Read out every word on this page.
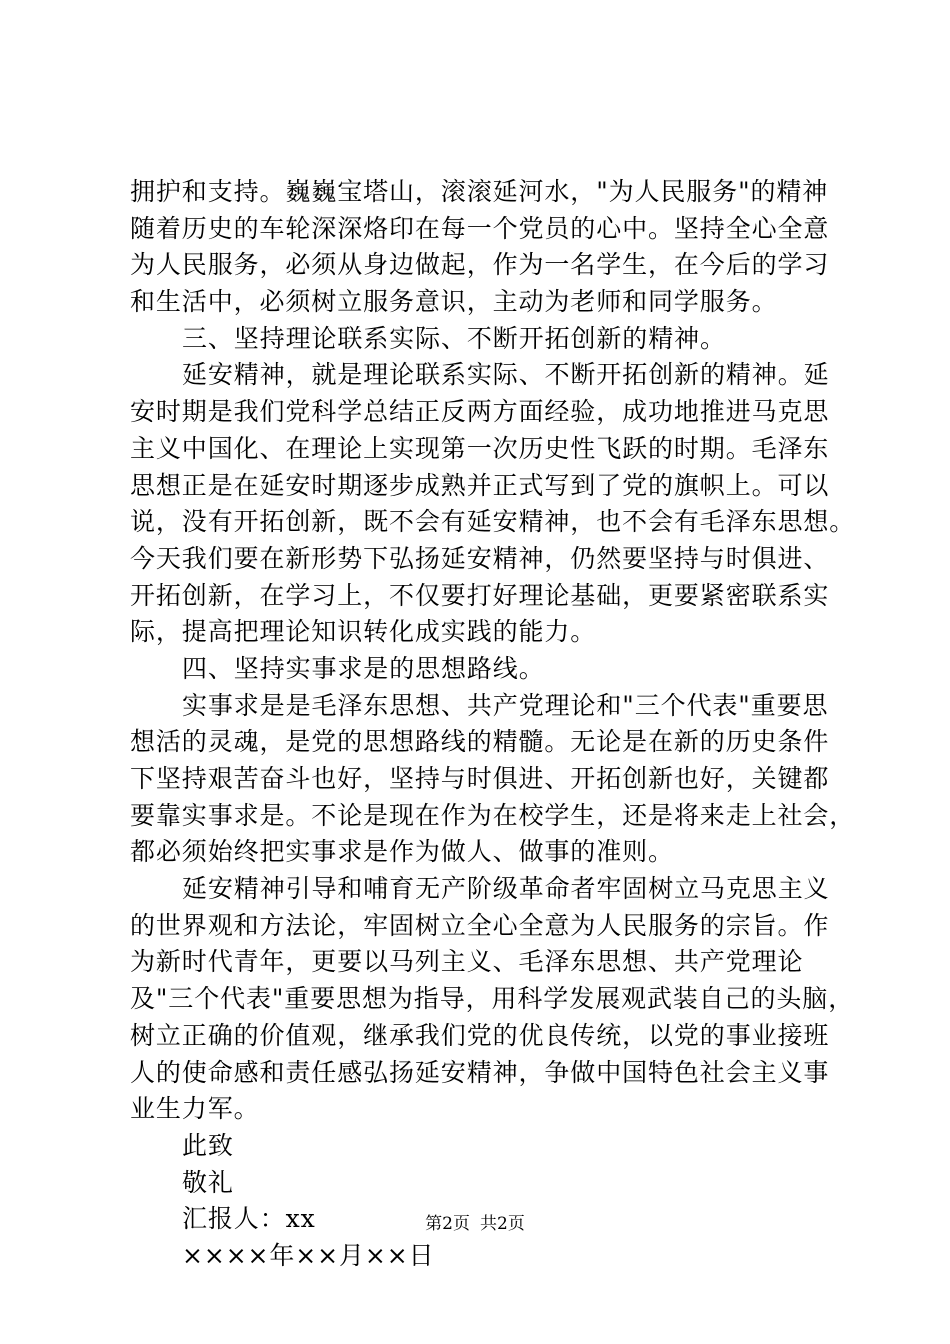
拥护和支持。巍巍宝塔山，滚滚延河水，"为人民服务"的精神
随着历史的车轮深深烙印在每一个党员的心中。坚持全心全意
为人民服务，必须从身边做起，作为一名学生，在今后的学习
和生活中，必须树立服务意识，主动为老师和同学服务。
三、坚持理论联系实际、不断开拓创新的精神。
延安精神，就是理论联系实际、不断开拓创新的精神。延
安时期是我们党科学总结正反两方面经验，成功地推进马克思
主义中国化、在理论上实现第一次历史性飞跃的时期。毛泽东
思想正是在延安时期逐步成熟并正式写到了党的旗帜上。可以
说，没有开拓创新，既不会有延安精神，也不会有毛泽东思想。
今天我们要在新形势下弘扬延安精神，仍然要坚持与时俱进、
开拓创新，在学习上，不仅要打好理论基础，更要紧密联系实
际，提高把理论知识转化成实践的能力。
四、坚持实事求是的思想路线。
实事求是是毛泽东思想、共产党理论和"三个代表"重要思
想活的灵魂，是党的思想路线的精髓。无论是在新的历史条件
下坚持艰苦奋斗也好，坚持与时俱进、开拓创新也好，关键都
要靠实事求是。不论是现在作为在校学生，还是将来走上社会，
都必须始终把实事求是作为做人、做事的准则。
延安精神引导和哺育无产阶级革命者牢固树立马克思主义
的世界观和方法论，牢固树立全心全意为人民服务的宗旨。作
为新时代青年，更要以马列主义、毛泽东思想、共产党理论
及"三个代表"重要思想为指导，用科学发展观武装自己的头脑，
树立正确的价值观，继承我们党的优良传统，以党的事业接班
人的使命感和责任感弘扬延安精神，争做中国特色社会主义事
业生力军。
此致
敬礼
汇报人：xx
××××年××月××日
第2页 共2页
